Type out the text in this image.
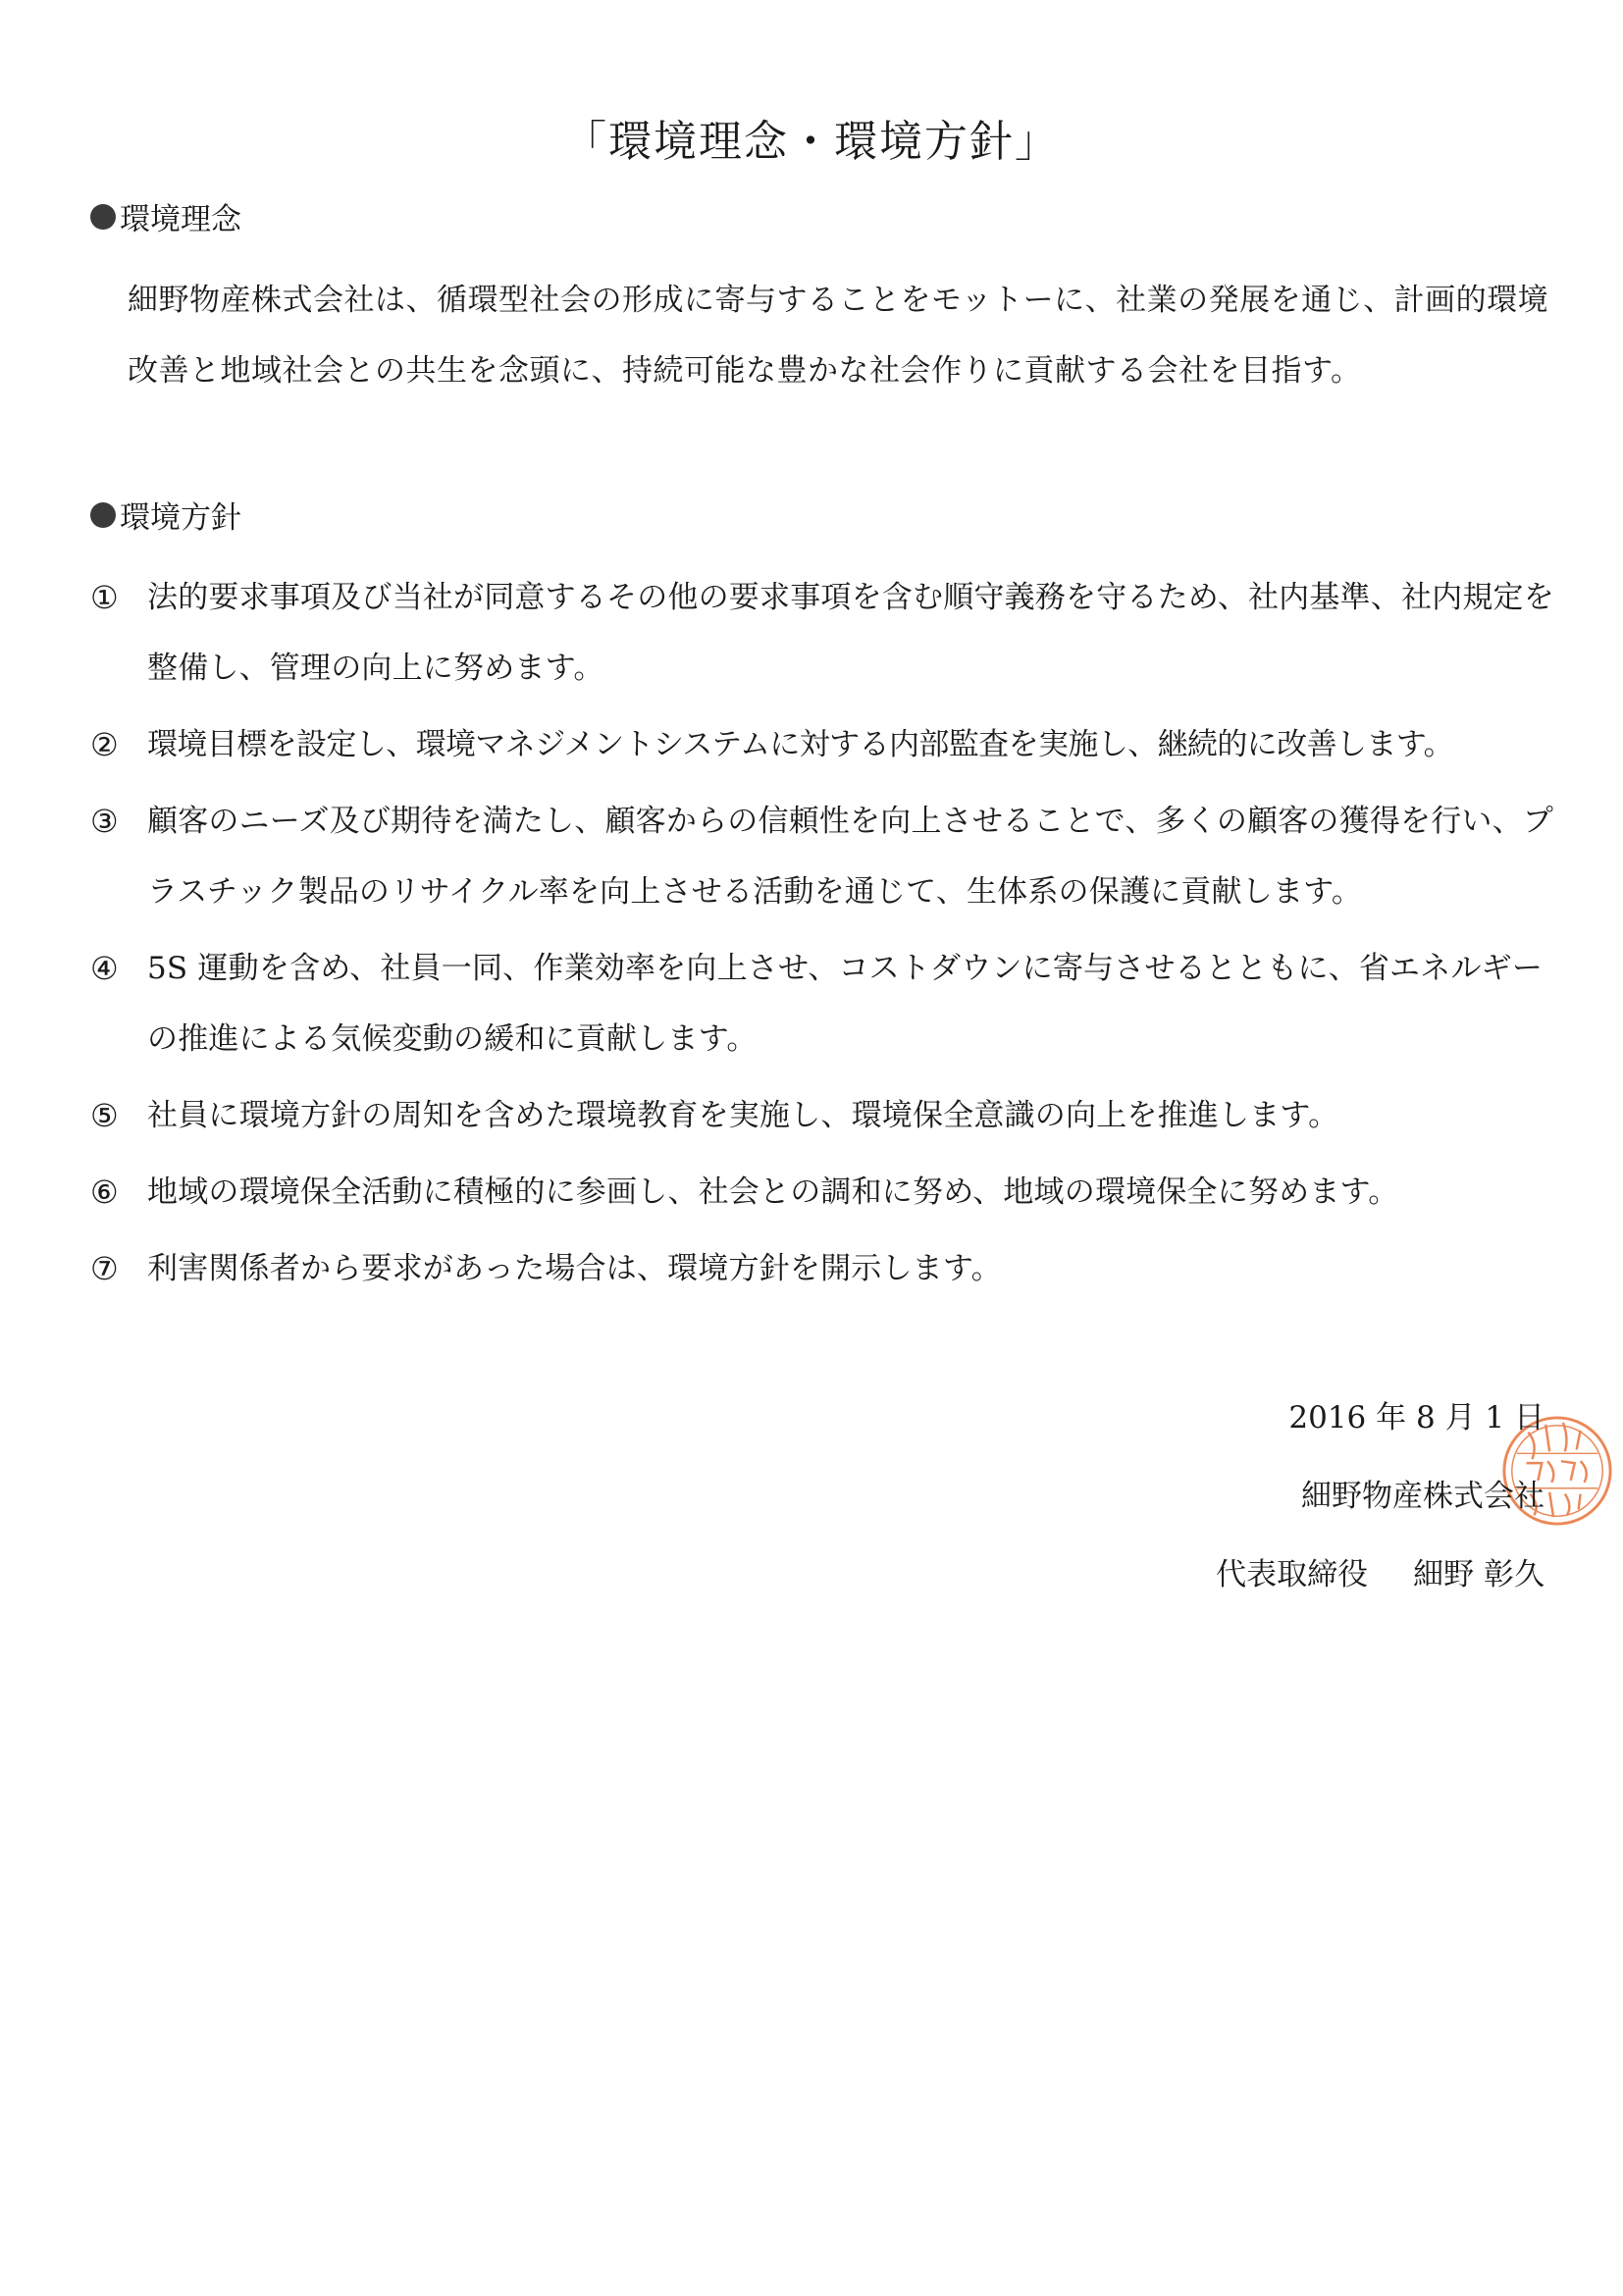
「環境理念・環境方針」
環境理念
細野物産株式会社は、循環型社会の形成に寄与することをモットーに、社業の発展を通じ、計画的環境改善と地域社会との共生を念頭に、持続可能な豊かな社会作りに貢献する会社を目指す。
環境方針
① 法的要求事項及び当社が同意するその他の要求事項を含む順守義務を守るため、社内基準、社内規定を整備し、管理の向上に努めます。
② 環境目標を設定し、環境マネジメントシステムに対する内部監査を実施し、継続的に改善します。
③ 顧客のニーズ及び期待を満たし、顧客からの信頼性を向上させることで、多くの顧客の獲得を行い、プラスチック製品のリサイクル率を向上させる活動を通じて、生体系の保護に貢献します。
④ 5S 運動を含め、社員一同、作業効率を向上させ、コストダウンに寄与させるとともに、省エネルギーの推進による気候変動の緩和に貢献します。
⑤ 社員に環境方針の周知を含めた環境教育を実施し、環境保全意識の向上を推進します。
⑥ 地域の環境保全活動に積極的に参画し、社会との調和に努め、地域の環境保全に努めます。
⑦ 利害関係者から要求があった場合は、環境方針を開示します。
2016 年 8 月 1 日
細野物産株式会社
代表取締役 細野 彰久
